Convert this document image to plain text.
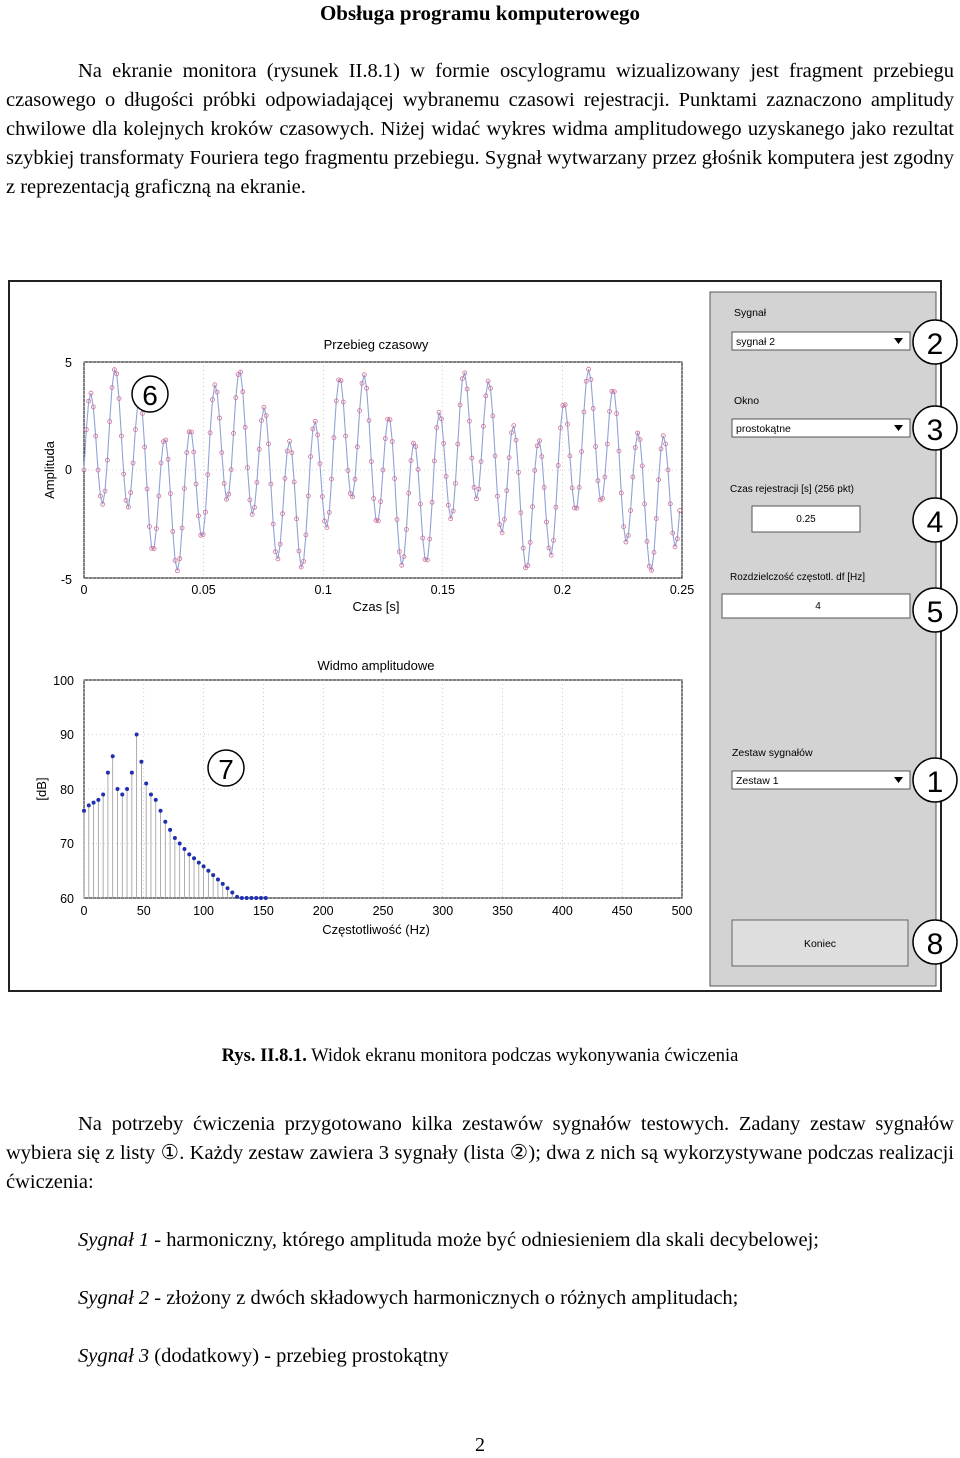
Obsługa programu komputerowego

Na ekranie monitora (rysunek II.8.1) w formie oscylogramu wizualizowany jest fragment przebiegu czasowego o długości próbki odpowiadającej wybranemu czasowi rejestracji. Punktami zaznaczono amplitudy chwilowe dla kolejnych kroków czasowych. Niżej widać wykres widma amplitudowego uzyskanego jako rezultat szybkiej transformaty Fouriera tego fragmentu przebiegu. Sygnał wytwarzany przez głośnik komputera jest zgodny z reprezentacją graficzną na ekranie.

Przebieg czasowy
Czas [s]
Amplituda
0	0.05	0.1	0.15	0.2	0.25
5
0
-5
6
Widmo amplitudowe
Częstotliwość (Hz)
[dB]
0	50	100	150	200	250	300	350	400	450	500
100
90
80
70
60
7
Sygnał
sygnał 2
Okno
prostokątne
Czas rejestracji [s] (256 pkt)
0.25
Rozdzielczość częstotl. df [Hz]
4
Zestaw sygnałów
Zestaw 1
Koniec
2
3
4
5
1
8
Rys. II.8.1. Widok ekranu monitora podczas wykonywania ćwiczenia

Na potrzeby ćwiczenia przygotowano kilka zestawów sygnałów testowych. Zadany zestaw sygnałów wybiera się z listy ①. Każdy zestaw zawiera 3 sygnały (lista ②); dwa z nich są wykorzystywane podczas realizacji ćwiczenia:

Sygnał 1 - harmoniczny, którego amplituda może być odniesieniem dla skali decybelowej;
Sygnał 2 - złożony z dwóch składowych harmonicznych o różnych amplitudach;
Sygnał 3 (dodatkowy) - przebieg prostokątny
2
